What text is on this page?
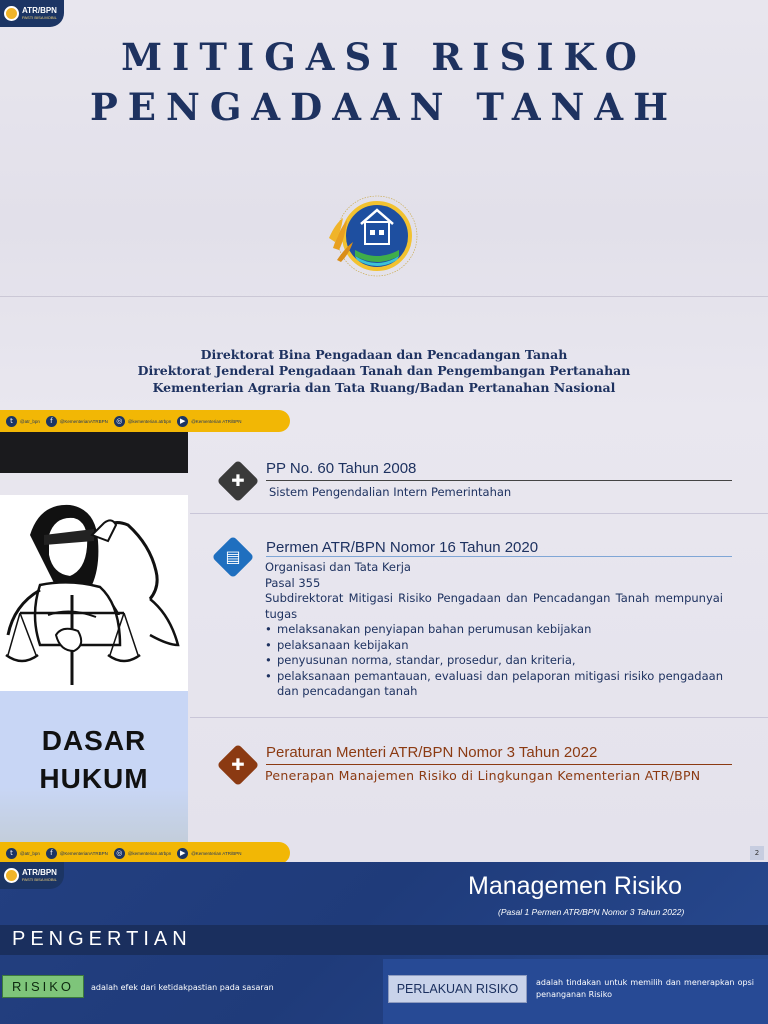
ATR/BPN
PASTI BISA MOBIL
MITIGASI RISIKO
PENGADAAN TANAH
Direktorat Bina Pengadaan dan Pencadangan Tanah
Direktorat Jenderal Pengadaan Tanah dan Pengembangan Pertanahan
Kementerian Agraria dan Tata Ruang/Badan Pertanahan Nasional
t	@atr_bpn	f	@KementerianATRBPN	◎	@kementerian.atrbpn	▶	@Kementerian ATR/BPN
DASAR
HUKUM
✚
PP No. 60 Tahun 2008
Sistem Pengendalian Intern Pemerintahan
▤	Permen ATR/BPN Nomor 16 Tahun 2020
Organisasi dan Tata Kerja
Pasal 355
Subdirektorat Mitigasi Risiko Pengadaan dan Pencadangan Tanah mempunyai tugas
• melaksanakan penyiapan bahan perumusan kebijakan
• pelaksanaan kebijakan
• penyusunan norma, standar, prosedur, dan kriteria,
• pelaksanaan pemantauan, evaluasi dan pelaporan mitigasi risiko pengadaan dan pencadangan tanah
✚
Peraturan Menteri ATR/BPN Nomor 3 Tahun 2022
Penerapan Manajemen Risiko di Lingkungan Kementerian ATR/BPN
2
t	@atr_bpn	f	@KementerianATRBPN	◎	@kementerian.atrbpn	▶	@Kementerian ATR/BPN
ATR/BPN
PASTI BISA MOBIL	Managemen Risiko
(Pasal 1 Permen ATR/BPN Nomor 3 Tahun 2022)
PENGERTIAN
RISIKO	adalah efek dari ketidakpastian pada sasaran	PERLAKUAN RISIKO	adalah tindakan untuk memilih dan menerapkan opsi penanganan Risiko
